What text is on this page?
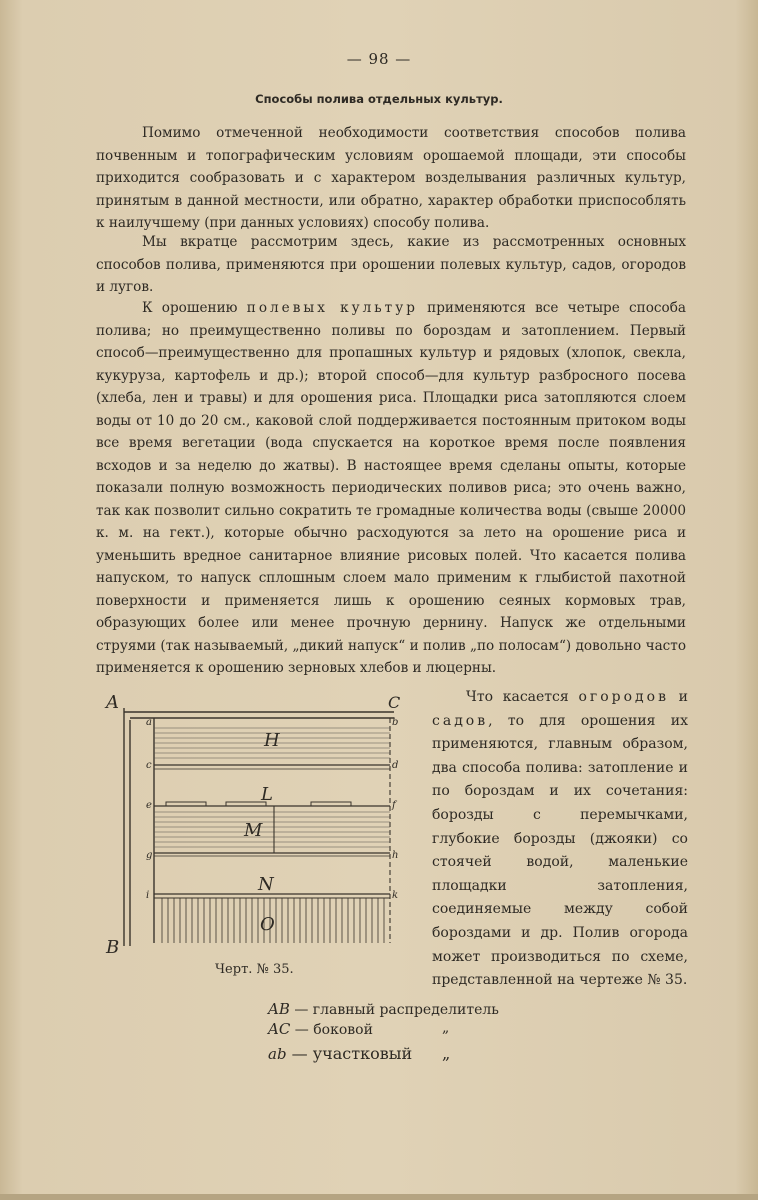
— 98 —
Способы полива отдельных культур.

Помимо отмеченной необходимости соответствия способов полива почвенным и топографическим условиям орошаемой площади, эти способы приходится сообразовать и с характером возделывания различных культур, принятым в данной местности, или обратно, характер обработки приспособлять к наилучшему (при данных условиях) способу полива.

Мы вкратце рассмотрим здесь, какие из рассмотренных основных способов полива, применяются при орошении полевых культур, садов, огородов и лугов.

К орошению полевых культур применяются все четыре способа полива; но преимущественно поливы по бороздам и затоплением. Первый способ—преимущественно для пропашных культур и рядовых (хлопок, свекла, кукуруза, картофель и др.); второй способ—для культур разбросного посева (хлеба, лен и травы) и для орошения риса. Площадки риса затопляются слоем воды от 10 до 20 см., каковой слой поддерживается постоянным притоком воды все время вегетации (вода спускается на короткое время после появления всходов и за неделю до жатвы). В настоящее время сделаны опыты, которые показали полную возможность периодических поливов риса; это очень важно, так как позволит сильно сократить те громадные количества воды (свыше 20000 к. м. на гект.), которые обычно расходуются за лето на орошение риса и уменьшить вредное санитарное влияние рисовых полей. Что касается полива напуском, то напуск сплошным слоем мало применим к глыбистой пахотной поверхности и применяется лишь к орошению сеяных кормовых трав, образующих более или менее прочную дернину. Напуск же отдельными струями (так называемый, „дикий напуск“ и полив „по полосам“) довольно часто применяется к орошению зерновых хлебов и люцерны.

A
B
C
H
L
M
N
O
a	b
c	d
e	f
g	h
i	k
Черт. № 35.

Что касается огородов и садов, то для орошения их применяются, главным образом, два способа полива: затопление и по бороздам и их сочетания: борозды с перемычками, глубокие борозды (джояки) со стоячей водой, маленькие площадки затопления, соединяемые между собой бороздами и др. Полив огорода может производиться по схеме, представленной на чертеже № 35.

AB — главный распределитель
AC — боковой	„
ab — участковый „
